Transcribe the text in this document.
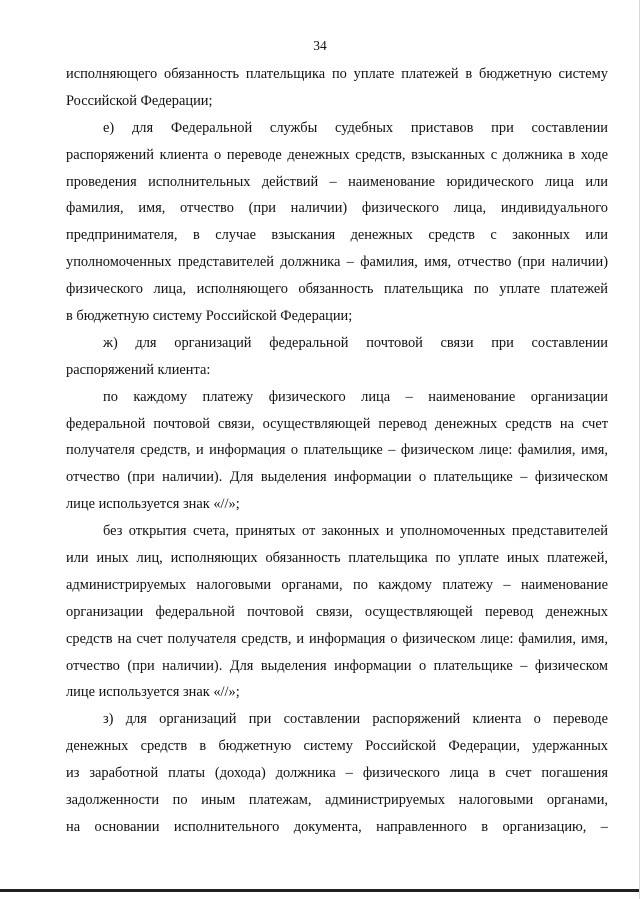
34
исполняющего обязанность плательщика по уплате платежей в бюджетную систему
Российской Федерации;
е) для Федеральной службы судебных приставов при составлении
распоряжений клиента о переводе денежных средств, взысканных с должника в ходе
проведения исполнительных действий – наименование юридического лица или
фамилия, имя, отчество (при наличии) физического лица, индивидуального
предпринимателя, в случае взыскания денежных средств с законных или
уполномоченных представителей должника – фамилия, имя, отчество (при наличии)
физического лица, исполняющего обязанность плательщика по уплате платежей
в бюджетную систему Российской Федерации;
ж) для организаций федеральной почтовой связи при составлении
распоряжений клиента:
по каждому платежу физического лица – наименование организации
федеральной почтовой связи, осуществляющей перевод денежных средств на счет
получателя средств, и информация о плательщике – физическом лице: фамилия, имя,
отчество (при наличии). Для выделения информации о плательщике – физическом
лице используется знак «//»;
без открытия счета, принятых от законных и уполномоченных представителей
или иных лиц, исполняющих обязанность плательщика по уплате иных платежей,
администрируемых налоговыми органами, по каждому платежу – наименование
организации федеральной почтовой связи, осуществляющей перевод денежных
средств на счет получателя средств, и информация о физическом лице: фамилия, имя,
отчество (при наличии). Для выделения информации о плательщике – физическом
лице используется знак «//»;
з) для организаций при составлении распоряжений клиента о переводе
денежных средств в бюджетную систему Российской Федерации, удержанных
из заработной платы (дохода) должника – физического лица в счет погашения
задолженности по иным платежам, администрируемых налоговыми органами,
на основании исполнительного документа, направленного в организацию, –
